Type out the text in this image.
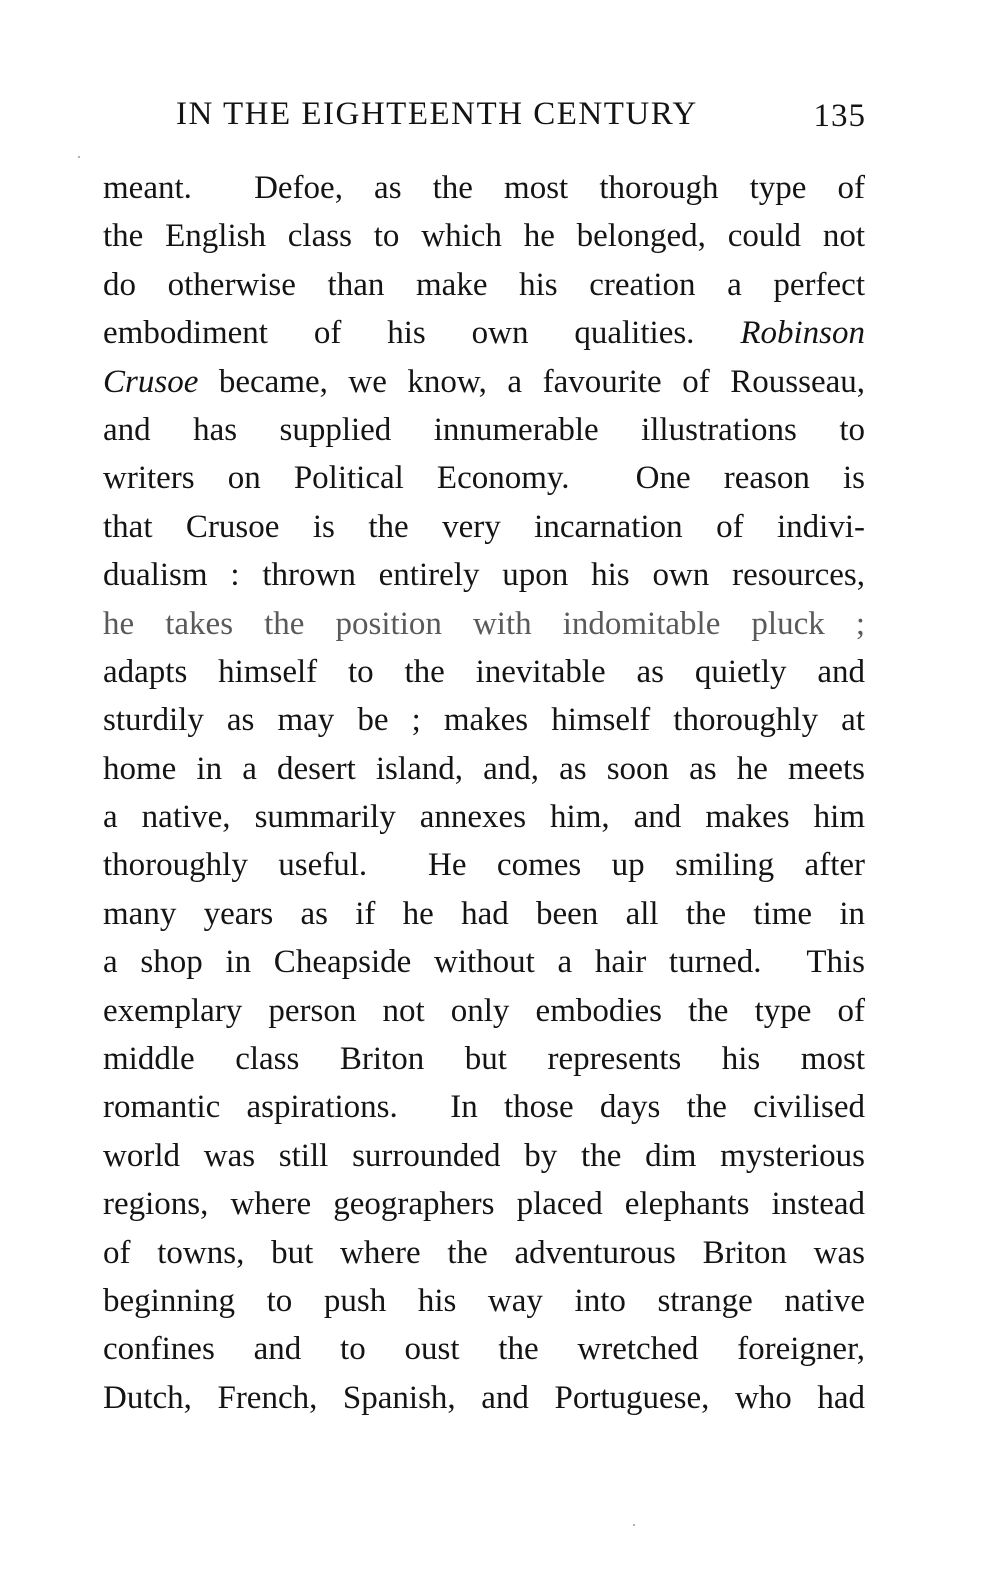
IN THE EIGHTEENTH CENTURY	135
meant.  Defoe, as the most thorough type of
the English class to which he belonged, could not
do otherwise than make his creation a perfect
embodiment of his own qualities. Robinson
Crusoe became, we know, a favourite of Rousseau,
and has supplied innumerable illustrations to
writers on Political Economy.  One reason is
that Crusoe is the very incarnation of indivi-
dualism : thrown entirely upon his own resources,
he takes the position with indomitable pluck ;
adapts himself to the inevitable as quietly and
sturdily as may be ; makes himself thoroughly at
home in a desert island, and, as soon as he meets
a native, summarily annexes him, and makes him
thoroughly useful.  He comes up smiling after
many years as if he had been all the time in
a shop in Cheapside without a hair turned.  This
exemplary person not only embodies the type of
middle class Briton but represents his most
romantic aspirations.  In those days the civilised
world was still surrounded by the dim mysterious
regions, where geographers placed elephants instead
of towns, but where the adventurous Briton was
beginning to push his way into strange native
confines and to oust the wretched foreigner,
Dutch, French, Spanish, and Portuguese, who had
